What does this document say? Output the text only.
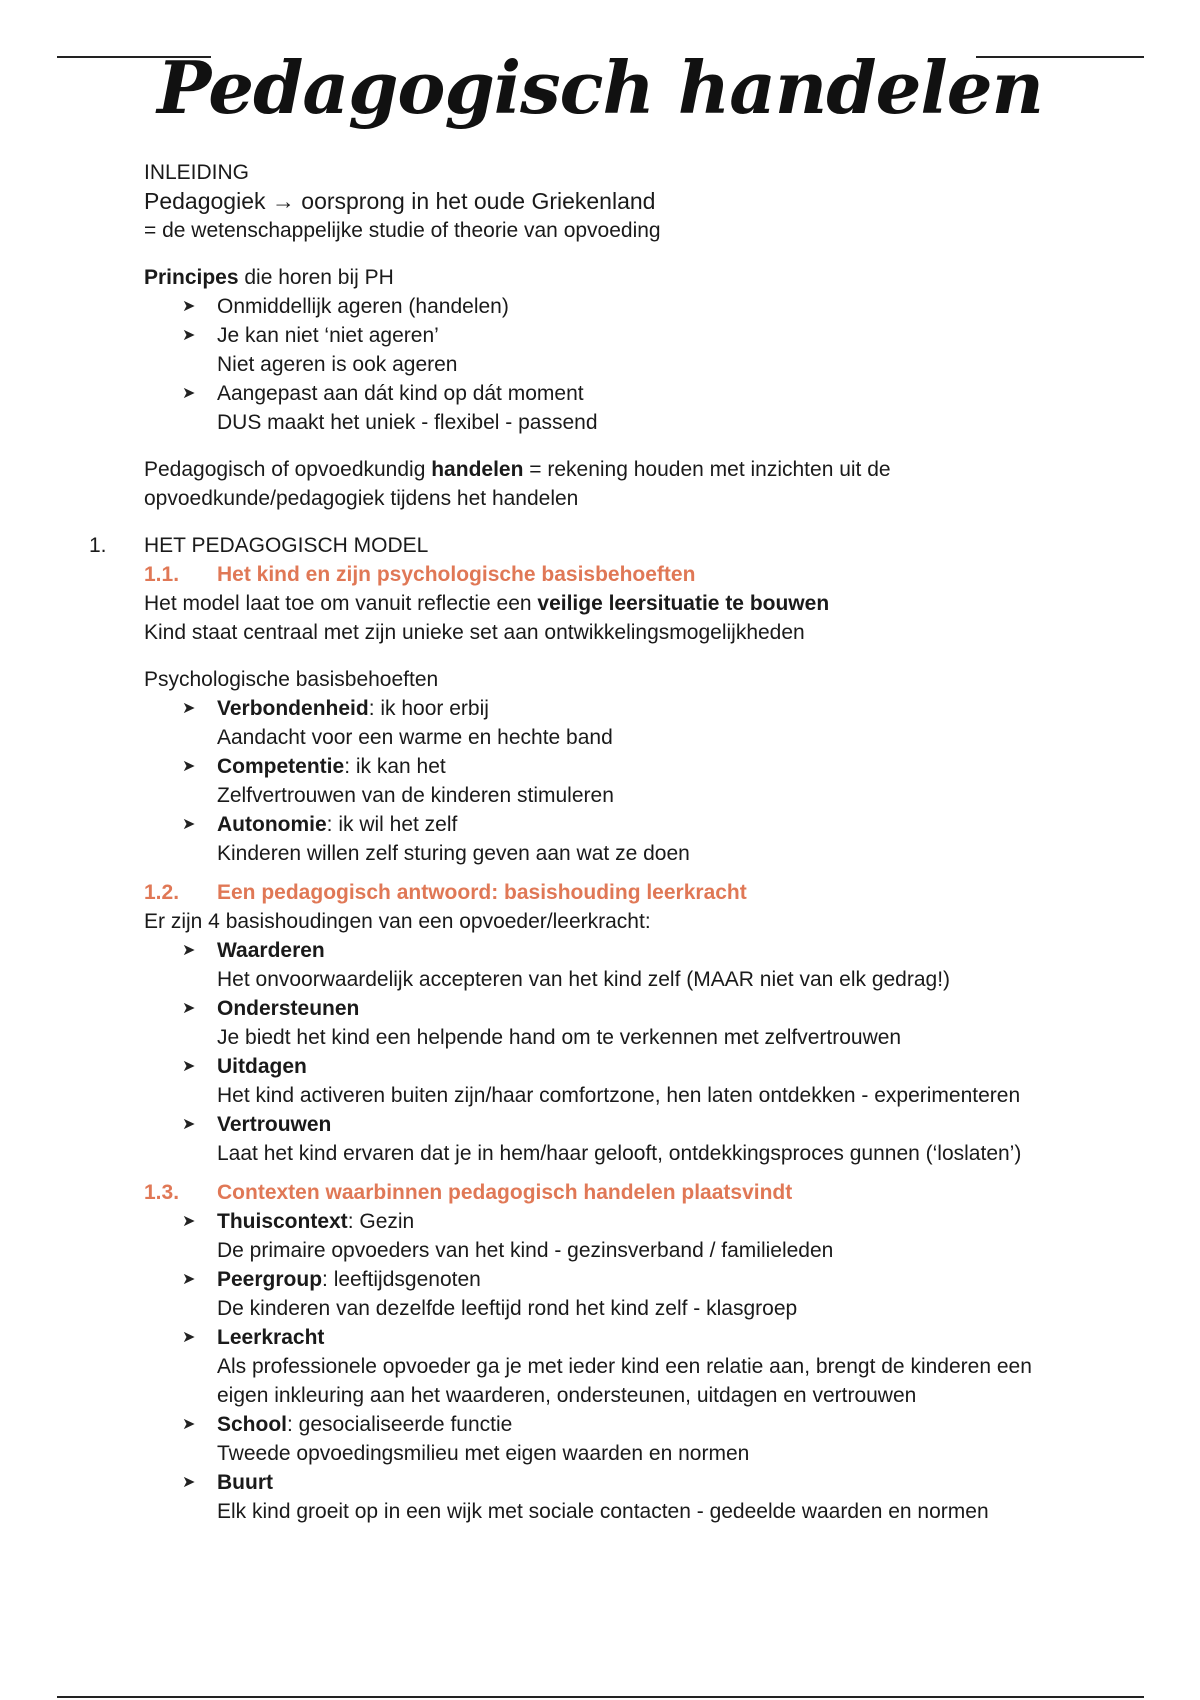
Pedagogisch handelen
INLEIDING
Pedagogiek → oorsprong in het oude Griekenland
= de wetenschappelijke studie of theorie van opvoeding
Principes die horen bij PH
➤ Onmiddellijk ageren (handelen)
➤ Je kan niet ‘niet ageren’
Niet ageren is ook ageren
➤ Aangepast aan dát kind op dát moment
DUS maakt het uniek - flexibel - passend
Pedagogisch of opvoedkundig handelen = rekening houden met inzichten uit de
opvoedkunde/pedagogiek tijdens het handelen
1. HET PEDAGOGISCH MODEL
1.1. Het kind en zijn psychologische basisbehoeften
Het model laat toe om vanuit reflectie een veilige leersituatie te bouwen
Kind staat centraal met zijn unieke set aan ontwikkelingsmogelijkheden
Psychologische basisbehoeften
➤ Verbondenheid: ik hoor erbij
Aandacht voor een warme en hechte band
➤ Competentie: ik kan het
Zelfvertrouwen van de kinderen stimuleren
➤ Autonomie: ik wil het zelf
Kinderen willen zelf sturing geven aan wat ze doen
1.2. Een pedagogisch antwoord: basishouding leerkracht
Er zijn 4 basishoudingen van een opvoeder/leerkracht:
➤ Waarderen
Het onvoorwaardelijk accepteren van het kind zelf (MAAR niet van elk gedrag!)
➤ Ondersteunen
Je biedt het kind een helpende hand om te verkennen met zelfvertrouwen
➤ Uitdagen
Het kind activeren buiten zijn/haar comfortzone, hen laten ontdekken - experimenteren
➤ Vertrouwen
Laat het kind ervaren dat je in hem/haar gelooft, ontdekkingsproces gunnen (‘loslaten’)
1.3. Contexten waarbinnen pedagogisch handelen plaatsvindt
➤ Thuiscontext: Gezin
De primaire opvoeders van het kind - gezinsverband / familieleden
➤ Peergroup: leeftijdsgenoten
De kinderen van dezelfde leeftijd rond het kind zelf - klasgroep
➤ Leerkracht
Als professionele opvoeder ga je met ieder kind een relatie aan, brengt de kinderen een
eigen inkleuring aan het waarderen, ondersteunen, uitdagen en vertrouwen
➤ School: gesocialiseerde functie
Tweede opvoedingsmilieu met eigen waarden en normen
➤ Buurt
Elk kind groeit op in een wijk met sociale contacten - gedeelde waarden en normen
